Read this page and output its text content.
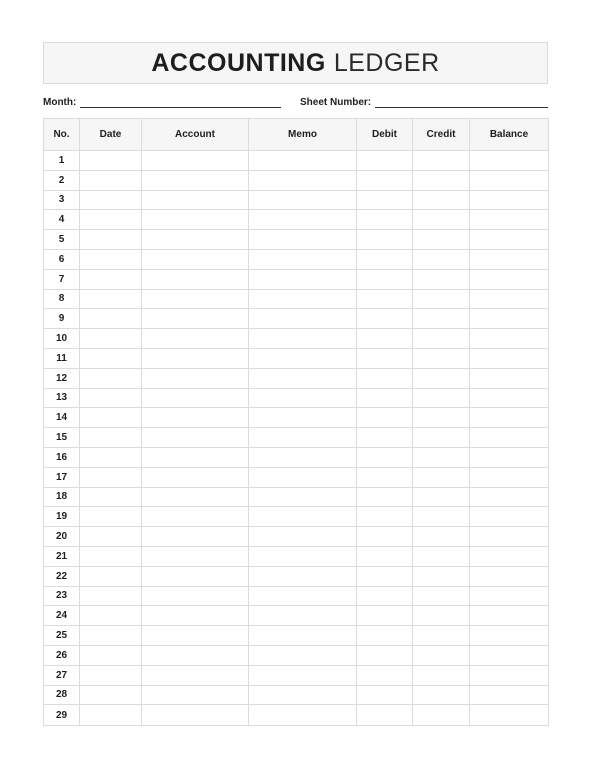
ACCOUNTING LEDGER
Month:	Sheet Number:
No.	Date	Account	Memo	Debit	Credit	Balance
1						
2						
3						
4						
5						
6						
7						
8						
9						
10						
11						
12						
13						
14						
15						
16						
17						
18						
19						
20						
21						
22						
23						
24						
25						
26						
27						
28						
29						
